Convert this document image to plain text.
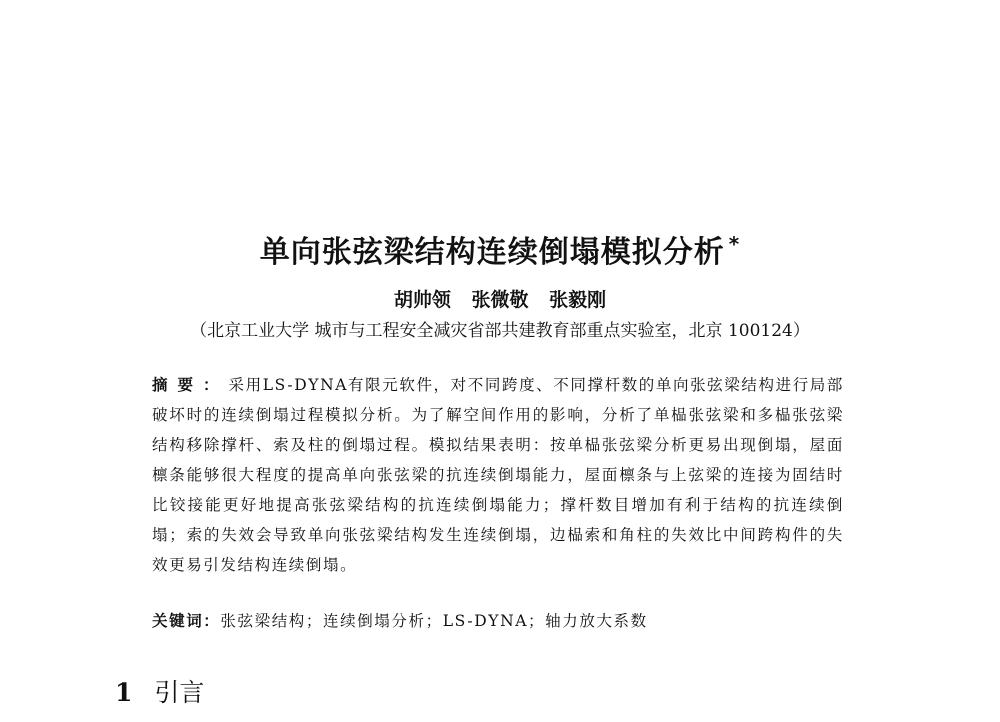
单向张弦梁结构连续倒塌模拟分析 *
胡帅领 张微敬 张毅刚
（北京工业大学 城市与工程安全减灾省部共建教育部重点实验室，北京 100124）
摘要：采用LS-DYNA有限元软件，对不同跨度、不同撑杆数的单向张弦梁结构进行局部破坏时的连续倒塌过程模拟分析。为了解空间作用的影响，分析了单榀张弦梁和多榀张弦梁结构移除撑杆、索及柱的倒塌过程。模拟结果表明：按单榀张弦梁分析更易出现倒塌，屋面檩条能够很大程度的提高单向张弦梁的抗连续倒塌能力，屋面檩条与上弦梁的连接为固结时比铰接能更好地提高张弦梁结构的抗连续倒塌能力；撑杆数目增加有利于结构的抗连续倒塌；索的失效会导致单向张弦梁结构发生连续倒塌，边榀索和角柱的失效比中间跨构件的失效更易引发结构连续倒塌。
关键词：张弦梁结构；连续倒塌分析；LS-DYNA；轴力放大系数
1 引言
